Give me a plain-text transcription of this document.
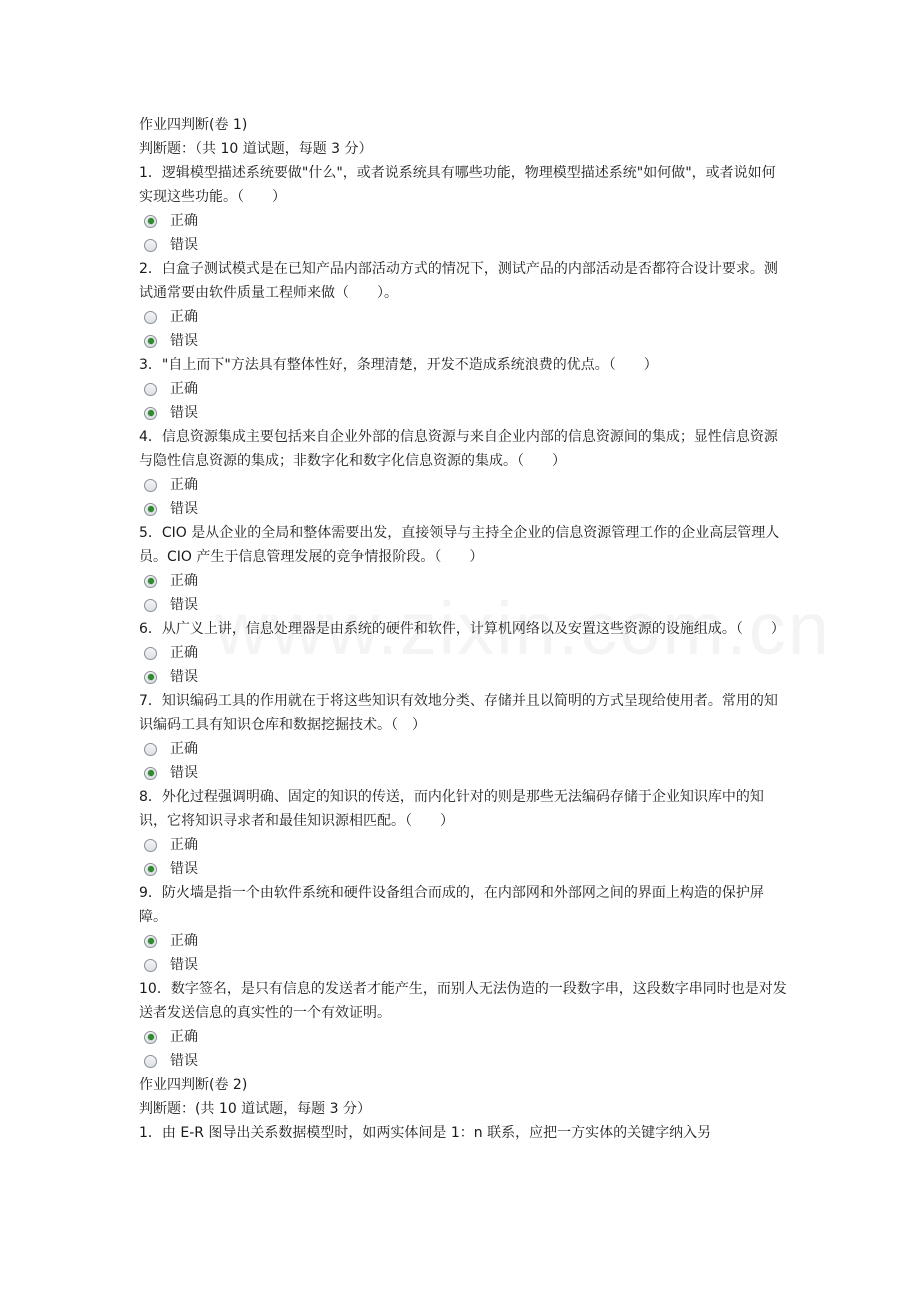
作业四判断(卷 1)
判断题：（共 10 道试题，每题 3 分）
1．逻辑模型描述系统要做"什么"，或者说系统具有哪些功能，物理模型描述系统"如何做"，或者说如何实现这些功能。（　　）
正确
错误
2．白盒子测试模式是在已知产品内部活动方式的情况下，测试产品的内部活动是否都符合设计要求。测试通常要由软件质量工程师来做（　　）。
正确
错误
3．"自上而下"方法具有整体性好，条理清楚，开发不造成系统浪费的优点。（　　）
正确
错误
4．信息资源集成主要包括来自企业外部的信息资源与来自企业内部的信息资源间的集成；显性信息资源与隐性信息资源的集成；非数字化和数字化信息资源的集成。（　　）
正确
错误
5．CIO 是从企业的全局和整体需要出发，直接领导与主持全企业的信息资源管理工作的企业高层管理人员。CIO 产生于信息管理发展的竞争情报阶段。（　　）
正确
错误
6．从广义上讲，信息处理器是由系统的硬件和软件，计算机网络以及安置这些资源的设施组成。（　　）
正确
错误
7．知识编码工具的作用就在于将这些知识有效地分类、存储并且以简明的方式呈现给使用者。常用的知识编码工具有知识仓库和数据挖掘技术。（　）
正确
错误
8．外化过程强调明确、固定的知识的传送，而内化针对的则是那些无法编码存储于企业知识库中的知识，它将知识寻求者和最佳知识源相匹配。（　　）
正确
错误
9．防火墙是指一个由软件系统和硬件设备组合而成的，在内部网和外部网之间的界面上构造的保护屏障。
正确
错误
10．数字签名，是只有信息的发送者才能产生，而别人无法伪造的一段数字串，这段数字串同时也是对发送者发送信息的真实性的一个有效证明。
正确
错误
作业四判断(卷 2)
判断题：(共 10 道试题，每题 3 分）
1．由 E-R 图导出关系数据模型时，如两实体间是 1：n 联系，应把一方实体的关键字纳入另
